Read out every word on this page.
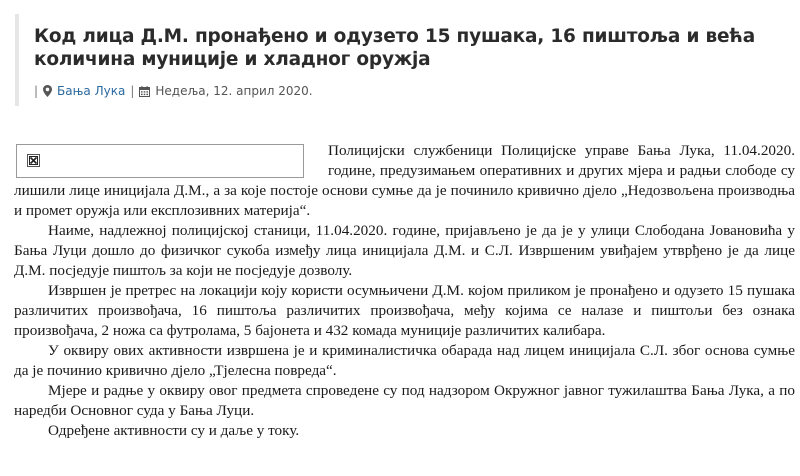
Код лица Д.М. пронађено и одузето 15 пушака, 16 пиштоља и већа количина муниције и хладног оружја
| Бања Лука | Недеља, 12. април 2020.

Полицијски службеници Полицијске управе Бања Лука, 11.04.2020. године, предузимањем оперативних и других мјера и радњи слободе су лишили лице иницијала Д.М., а за које постоје основи сумње да је починило кривично дјело „Недозвољена производња и промет оружја или експлозивних материја“.

Наиме, надлежној полицијској станици, 11.04.2020. године, пријављено је да је у улици Слободана Јовановића у Бања Луци дошло до физичког сукоба између лица иницијала Д.М. и С.Л. Извршеним увиђајем утврђено је да лице Д.М. посједује пиштољ за који не посједује дозволу.

Извршен је претрес на локацији коју користи осумњичени Д.М. којом приликом је пронађено и одузето 15 пушака различитих произвођача, 16 пиштоља различитих произвођача, међу којима се налазе и пиштољи без ознака произвођача, 2 ножа са футролама, 5 бајонета и 432 комада муниције различитих калибара.

У оквиру ових активности извршена је и криминалистичка обарада над лицем иницијала С.Л. због основа сумње да је починио кривично дјело „Тјелесна повреда“.

Мјере и радње у оквиру овог предмета спроведене су под надзором Окружног јавног тужилаштва Бања Лука, а по наредби Основног суда у Бања Луци.

Одређене активности су и даље у току.
